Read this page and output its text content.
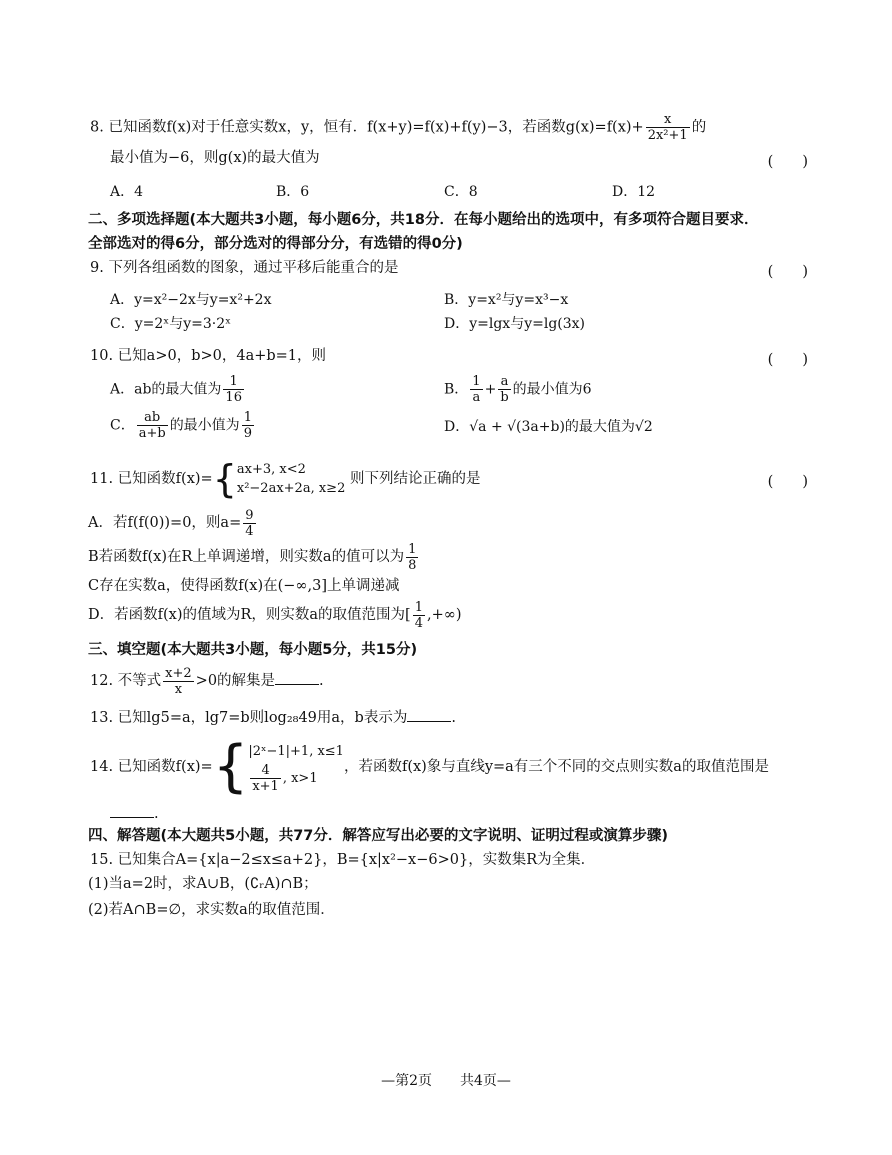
8. 已知函数f(x)对于任意实数x，y，恒有．f(x+y)=f(x)+f(y)−3，若函数$g(x)=f(x)+ \frac{x}{\text{2x²+1}}$ 的
最小值为−6，则g(x)的最大值为	(　　)
A．4	B．6	C．8	D．12
二、多项选择题(本大题共3小题，每小题6分，共18分．在每小题给出的选项中，有多项符合题目要求．
全部选对的得6分，部分选对的得部分分，有选错的得0分)
9. 下列各组函数的图象，通过平移后能重合的是	(　　)
A．y=x²−2x与y=x²+2x	B．y=x²与y=x³−x
C．y=2ˣ与y=3·2ˣ	D．y=lgx与y=lg(3x)
10. 已知a>0，b>0，4a+b=1，则	(　　)
A．ab的最大值为 $\frac{1}{16}$	B． $\frac{1}{a} + \frac{a}{b}$ 的最小值为6
C． $\frac{ab}{a+b}$ 的最小值为 $\frac{1}{9}$	D．√a + √(3a+b)的最大值为√2
11. 已知函数f(x)={ ax+3, x<2
x²−2ax+2a, x≥2
则下列结论正确的是	(　　)
A．若f(f(0))=0，则$a= \frac{9}{4}$
B若函数f(x)在R上单调递增，则实数a的值可以为 $\frac{1}{8}$
C存在实数a，使得函数f(x)在(−∞,3]上单调递减
D．若函数f(x)的值域为R，则实数a的取值范围为[ $\frac{1}{4}$ ,+∞)
三、填空题(本大题共3小题，每小题5分，共15分)
12. 不等式 $\frac{x+2}{x} >0$的解集是	.
13. 已知lg5=a，lg7=b则log₂₈49用a，b表示为	.
14. 已知函数f(x)={ |2ˣ−1|+1, x≤1
$\frac{4}{x+1}$ , x>1
，若函数f(x)象与直线y=a有三个不同的交点则实数a的取值范围是
.
四、解答题(本大题共5小题，共77分．解答应写出必要的文字说明、证明过程或演算步骤)
15. 已知集合A={x|a−2≤x≤a+2}，B={x|x²−x−6>0}，实数集R为全集．
(1)当a=2时，求A∪B，(∁ᵣA)∩B；
(2)若A∩B=∅，求实数a的取值范围．
—第2页　　共4页—
